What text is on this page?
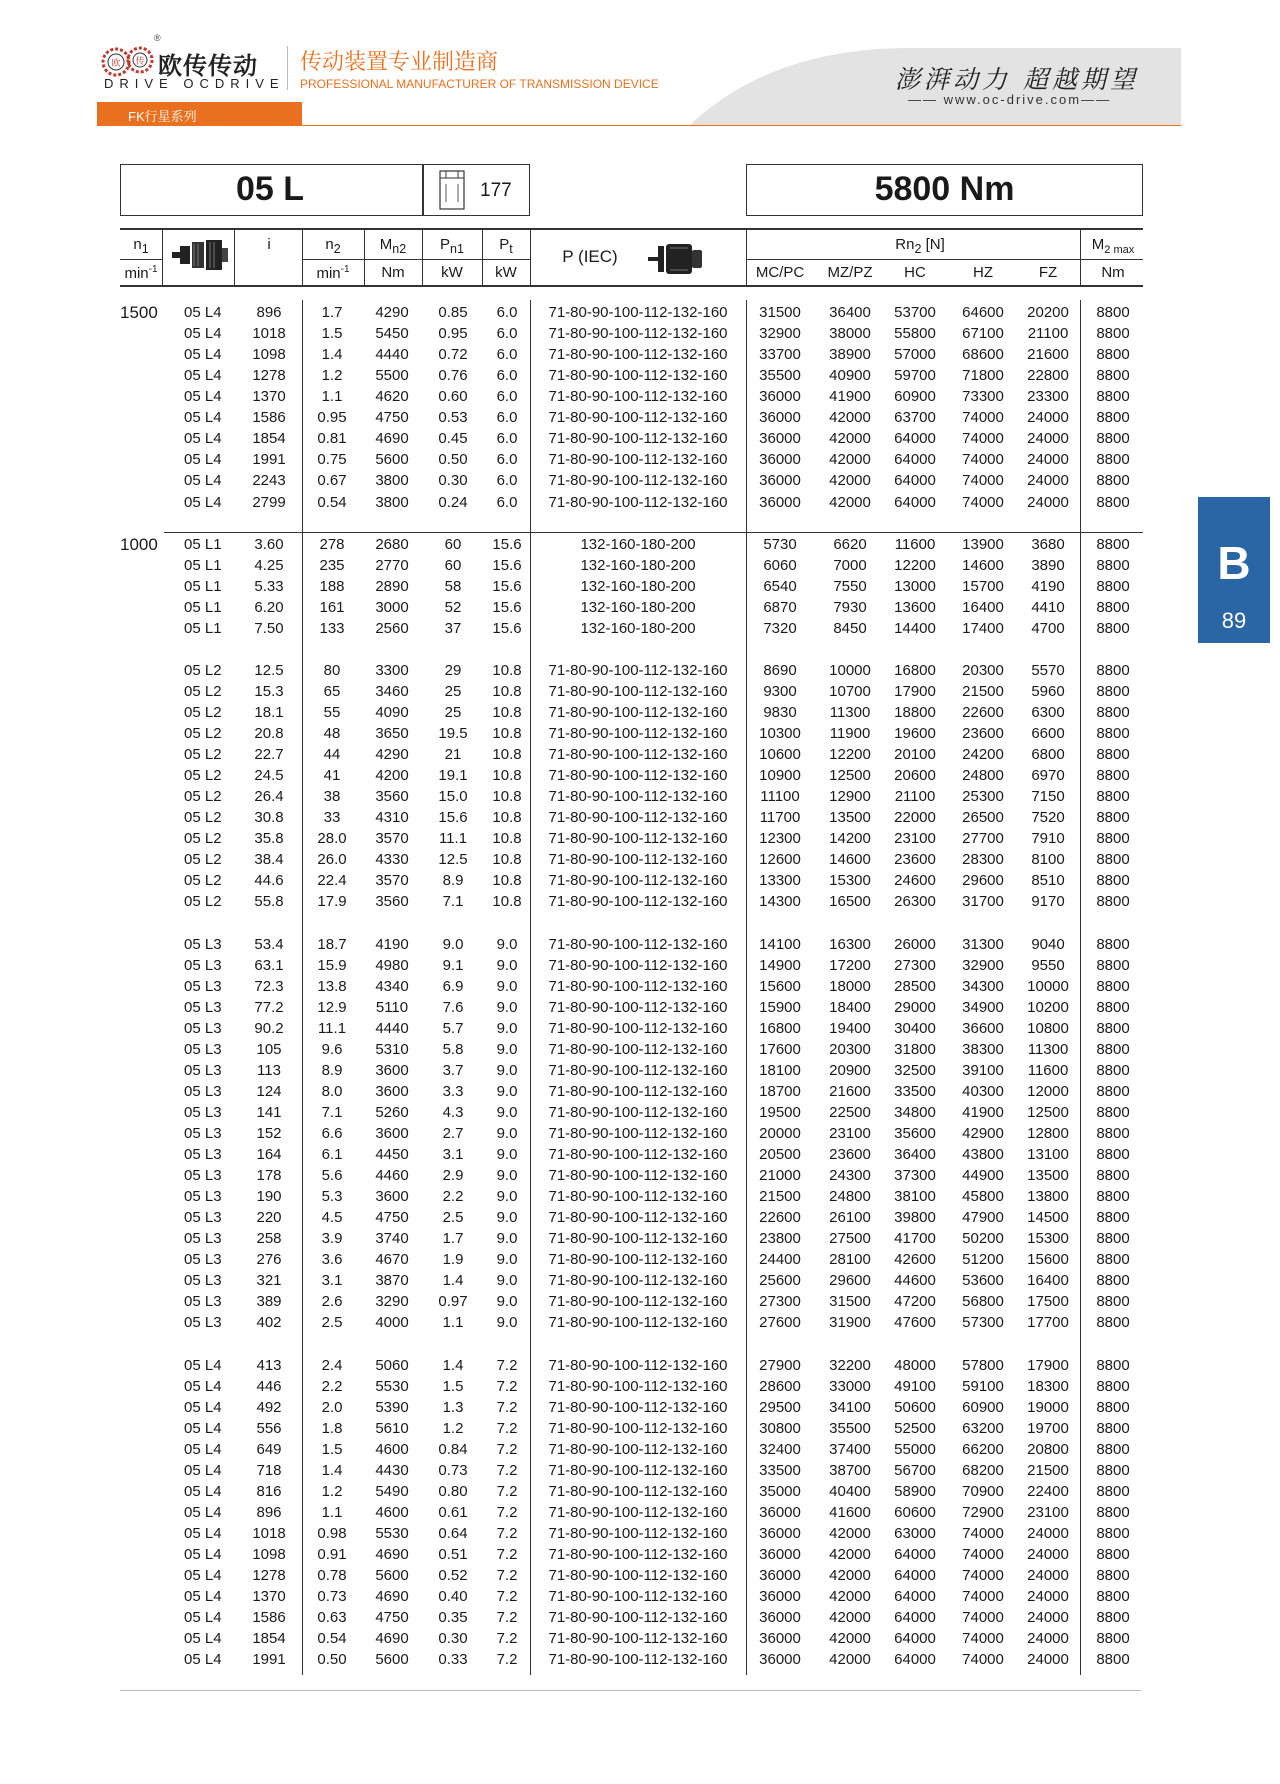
欧 传
®
欧传传动
DRIVE OCDRIVE
传动装置专业制造商
PROFESSIONAL MANUFACTURER OF TRANSMISSION DEVICE	澎湃动力 超越期望
—— www.oc-drive.com——
FK行星系列
05 L	177	5800 Nm
$n_1$	i	$n_2$	$M_{n2}$	$P_{n1}$	$P_t$	P (IEC)
$Rn_2$ [N]	$M_{2 max}$
$\min^{-1}$	$\min^{-1}$	Nm	kW	kW	MC/PC	MZ/PZ	HC	HZ	FZ	Nm
1500	05 L4	896	1.7	4290	0.85	6.0	71-80-90-100-112-132-160	31500	36400	53700	64600	20200	8800
05 L4	1018	1.5	5450	0.95	6.0	71-80-90-100-112-132-160	32900	38000	55800	67100	21100	8800
05 L4	1098	1.4	4440	0.72	6.0	71-80-90-100-112-132-160	33700	38900	57000	68600	21600	8800
05 L4	1278	1.2	5500	0.76	6.0	71-80-90-100-112-132-160	35500	40900	59700	71800	22800	8800
05 L4	1370	1.1	4620	0.60	6.0	71-80-90-100-112-132-160	36000	41900	60900	73300	23300	8800
05 L4	1586	0.95	4750	0.53	6.0	71-80-90-100-112-132-160	36000	42000	63700	74000	24000	8800
05 L4	1854	0.81	4690	0.45	6.0	71-80-90-100-112-132-160	36000	42000	64000	74000	24000	8800
05 L4	1991	0.75	5600	0.50	6.0	71-80-90-100-112-132-160	36000	42000	64000	74000	24000	8800
05 L4	2243	0.67	3800	0.30	6.0	71-80-90-100-112-132-160	36000	42000	64000	74000	24000	8800
05 L4	2799	0.54	3800	0.24	6.0	71-80-90-100-112-132-160	36000	42000	64000	74000	24000	8800
1000	05 L1	3.60	278	2680	60	15.6	132-160-180-200	5730	6620	11600	13900	3680	8800
05 L1	4.25	235	2770	60	15.6	132-160-180-200	6060	7000	12200	14600	3890	8800
05 L1	5.33	188	2890	58	15.6	132-160-180-200	6540	7550	13000	15700	4190	8800
05 L1	6.20	161	3000	52	15.6	132-160-180-200	6870	7930	13600	16400	4410	8800
05 L1	7.50	133	2560	37	15.6	132-160-180-200	7320	8450	14400	17400	4700	8800
05 L2	12.5	80	3300	29	10.8	71-80-90-100-112-132-160	8690	10000	16800	20300	5570	8800
05 L2	15.3	65	3460	25	10.8	71-80-90-100-112-132-160	9300	10700	17900	21500	5960	8800
05 L2	18.1	55	4090	25	10.8	71-80-90-100-112-132-160	9830	11300	18800	22600	6300	8800
05 L2	20.8	48	3650	19.5	10.8	71-80-90-100-112-132-160	10300	11900	19600	23600	6600	8800
05 L2	22.7	44	4290	21	10.8	71-80-90-100-112-132-160	10600	12200	20100	24200	6800	8800
05 L2	24.5	41	4200	19.1	10.8	71-80-90-100-112-132-160	10900	12500	20600	24800	6970	8800
05 L2	26.4	38	3560	15.0	10.8	71-80-90-100-112-132-160	11100	12900	21100	25300	7150	8800
05 L2	30.8	33	4310	15.6	10.8	71-80-90-100-112-132-160	11700	13500	22000	26500	7520	8800
05 L2	35.8	28.0	3570	11.1	10.8	71-80-90-100-112-132-160	12300	14200	23100	27700	7910	8800
05 L2	38.4	26.0	4330	12.5	10.8	71-80-90-100-112-132-160	12600	14600	23600	28300	8100	8800
05 L2	44.6	22.4	3570	8.9	10.8	71-80-90-100-112-132-160	13300	15300	24600	29600	8510	8800
05 L2	55.8	17.9	3560	7.1	10.8	71-80-90-100-112-132-160	14300	16500	26300	31700	9170	8800
05 L3	53.4	18.7	4190	9.0	9.0	71-80-90-100-112-132-160	14100	16300	26000	31300	9040	8800
05 L3	63.1	15.9	4980	9.1	9.0	71-80-90-100-112-132-160	14900	17200	27300	32900	9550	8800
05 L3	72.3	13.8	4340	6.9	9.0	71-80-90-100-112-132-160	15600	18000	28500	34300	10000	8800
05 L3	77.2	12.9	5110	7.6	9.0	71-80-90-100-112-132-160	15900	18400	29000	34900	10200	8800
05 L3	90.2	11.1	4440	5.7	9.0	71-80-90-100-112-132-160	16800	19400	30400	36600	10800	8800
05 L3	105	9.6	5310	5.8	9.0	71-80-90-100-112-132-160	17600	20300	31800	38300	11300	8800
05 L3	113	8.9	3600	3.7	9.0	71-80-90-100-112-132-160	18100	20900	32500	39100	11600	8800
05 L3	124	8.0	3600	3.3	9.0	71-80-90-100-112-132-160	18700	21600	33500	40300	12000	8800
05 L3	141	7.1	5260	4.3	9.0	71-80-90-100-112-132-160	19500	22500	34800	41900	12500	8800
05 L3	152	6.6	3600	2.7	9.0	71-80-90-100-112-132-160	20000	23100	35600	42900	12800	8800
05 L3	164	6.1	4450	3.1	9.0	71-80-90-100-112-132-160	20500	23600	36400	43800	13100	8800
05 L3	178	5.6	4460	2.9	9.0	71-80-90-100-112-132-160	21000	24300	37300	44900	13500	8800
05 L3	190	5.3	3600	2.2	9.0	71-80-90-100-112-132-160	21500	24800	38100	45800	13800	8800
05 L3	220	4.5	4750	2.5	9.0	71-80-90-100-112-132-160	22600	26100	39800	47900	14500	8800
05 L3	258	3.9	3740	1.7	9.0	71-80-90-100-112-132-160	23800	27500	41700	50200	15300	8800
05 L3	276	3.6	4670	1.9	9.0	71-80-90-100-112-132-160	24400	28100	42600	51200	15600	8800
05 L3	321	3.1	3870	1.4	9.0	71-80-90-100-112-132-160	25600	29600	44600	53600	16400	8800
05 L3	389	2.6	3290	0.97	9.0	71-80-90-100-112-132-160	27300	31500	47200	56800	17500	8800
05 L3	402	2.5	4000	1.1	9.0	71-80-90-100-112-132-160	27600	31900	47600	57300	17700	8800
05 L4	413	2.4	5060	1.4	7.2	71-80-90-100-112-132-160	27900	32200	48000	57800	17900	8800
05 L4	446	2.2	5530	1.5	7.2	71-80-90-100-112-132-160	28600	33000	49100	59100	18300	8800
05 L4	492	2.0	5390	1.3	7.2	71-80-90-100-112-132-160	29500	34100	50600	60900	19000	8800
05 L4	556	1.8	5610	1.2	7.2	71-80-90-100-112-132-160	30800	35500	52500	63200	19700	8800
05 L4	649	1.5	4600	0.84	7.2	71-80-90-100-112-132-160	32400	37400	55000	66200	20800	8800
05 L4	718	1.4	4430	0.73	7.2	71-80-90-100-112-132-160	33500	38700	56700	68200	21500	8800
05 L4	816	1.2	5490	0.80	7.2	71-80-90-100-112-132-160	35000	40400	58900	70900	22400	8800
05 L4	896	1.1	4600	0.61	7.2	71-80-90-100-112-132-160	36000	41600	60600	72900	23100	8800
05 L4	1018	0.98	5530	0.64	7.2	71-80-90-100-112-132-160	36000	42000	63000	74000	24000	8800
05 L4	1098	0.91	4690	0.51	7.2	71-80-90-100-112-132-160	36000	42000	64000	74000	24000	8800
05 L4	1278	0.78	5600	0.52	7.2	71-80-90-100-112-132-160	36000	42000	64000	74000	24000	8800
05 L4	1370	0.73	4690	0.40	7.2	71-80-90-100-112-132-160	36000	42000	64000	74000	24000	8800
05 L4	1586	0.63	4750	0.35	7.2	71-80-90-100-112-132-160	36000	42000	64000	74000	24000	8800
05 L4	1854	0.54	4690	0.30	7.2	71-80-90-100-112-132-160	36000	42000	64000	74000	24000	8800
05 L4	1991	0.50	5600	0.33	7.2	71-80-90-100-112-132-160	36000	42000	64000	74000	24000	8800
B
89
